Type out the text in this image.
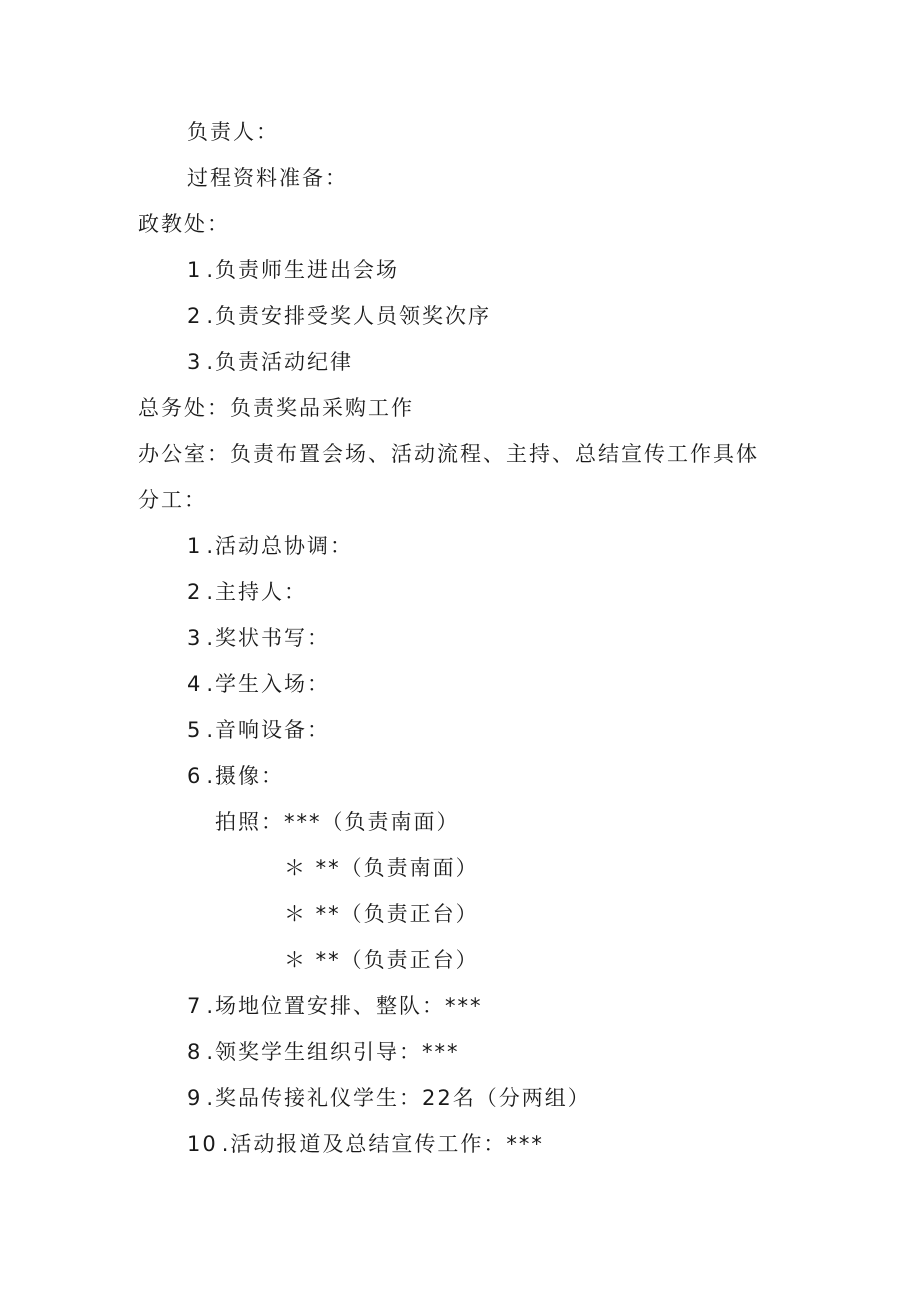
负责人：
过程资料准备：
政教处：
1 .负责师生进出会场
2 .负责安排受奖人员领奖次序
3 .负责活动纪律
总务处：负责奖品采购工作
办公室：负责布置会场、活动流程、主持、总结宣传工作具体
分工：
1 .活动总协调：
2 .主持人：
3 .奖状书写：
4 .学生入场：
5 .音响设备：
6 .摄像：
拍照：***（负责南面）
＊ **（负责南面）
＊ **（负责正台）
＊ **（负责正台）
7 .场地位置安排、整队：***
8 .领奖学生组织引导：***
9 .奖品传接礼仪学生：22名（分两组）
10 .活动报道及总结宣传工作：***
